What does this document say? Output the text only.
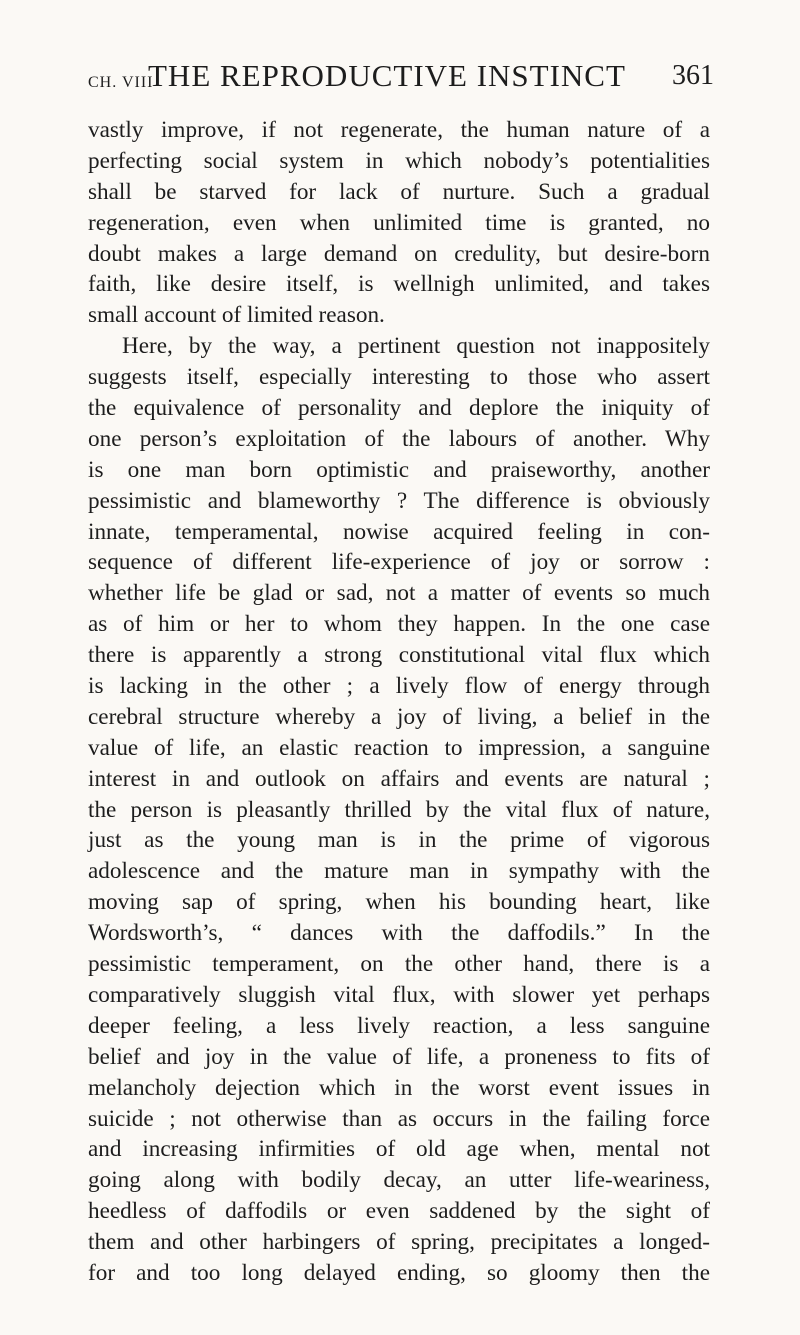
CH. VIII
THE REPRODUCTIVE INSTINCT 361
vastly improve, if not regenerate, the human nature of a
perfecting social system in which nobody’s potentialities
shall be starved for lack of nurture. Such a gradual
regeneration, even when unlimited time is granted, no
doubt makes a large demand on credulity, but desire-born
faith, like desire itself, is wellnigh unlimited, and takes
small account of limited reason.
Here, by the way, a pertinent question not inappositely
suggests itself, especially interesting to those who assert
the equivalence of personality and deplore the iniquity of
one person’s exploitation of the labours of another. Why
is one man born optimistic and praiseworthy, another
pessimistic and blameworthy ? The difference is obviously
innate, temperamental, nowise acquired feeling in con-
sequence of different life-experience of joy or sorrow :
whether life be glad or sad, not a matter of events so much
as of him or her to whom they happen. In the one case
there is apparently a strong constitutional vital flux which
is lacking in the other ; a lively flow of energy through
cerebral structure whereby a joy of living, a belief in the
value of life, an elastic reaction to impression, a sanguine
interest in and outlook on affairs and events are natural ;
the person is pleasantly thrilled by the vital flux of nature,
just as the young man is in the prime of vigorous
adolescence and the mature man in sympathy with the
moving sap of spring, when his bounding heart, like
Wordsworth’s, “ dances with the daffodils.” In the
pessimistic temperament, on the other hand, there is a
comparatively sluggish vital flux, with slower yet perhaps
deeper feeling, a less lively reaction, a less sanguine
belief and joy in the value of life, a proneness to fits of
melancholy dejection which in the worst event issues in
suicide ; not otherwise than as occurs in the failing force
and increasing infirmities of old age when, mental not
going along with bodily decay, an utter life-weariness,
heedless of daffodils or even saddened by the sight of
them and other harbingers of spring, precipitates a longed-
for and too long delayed ending, so gloomy then the
